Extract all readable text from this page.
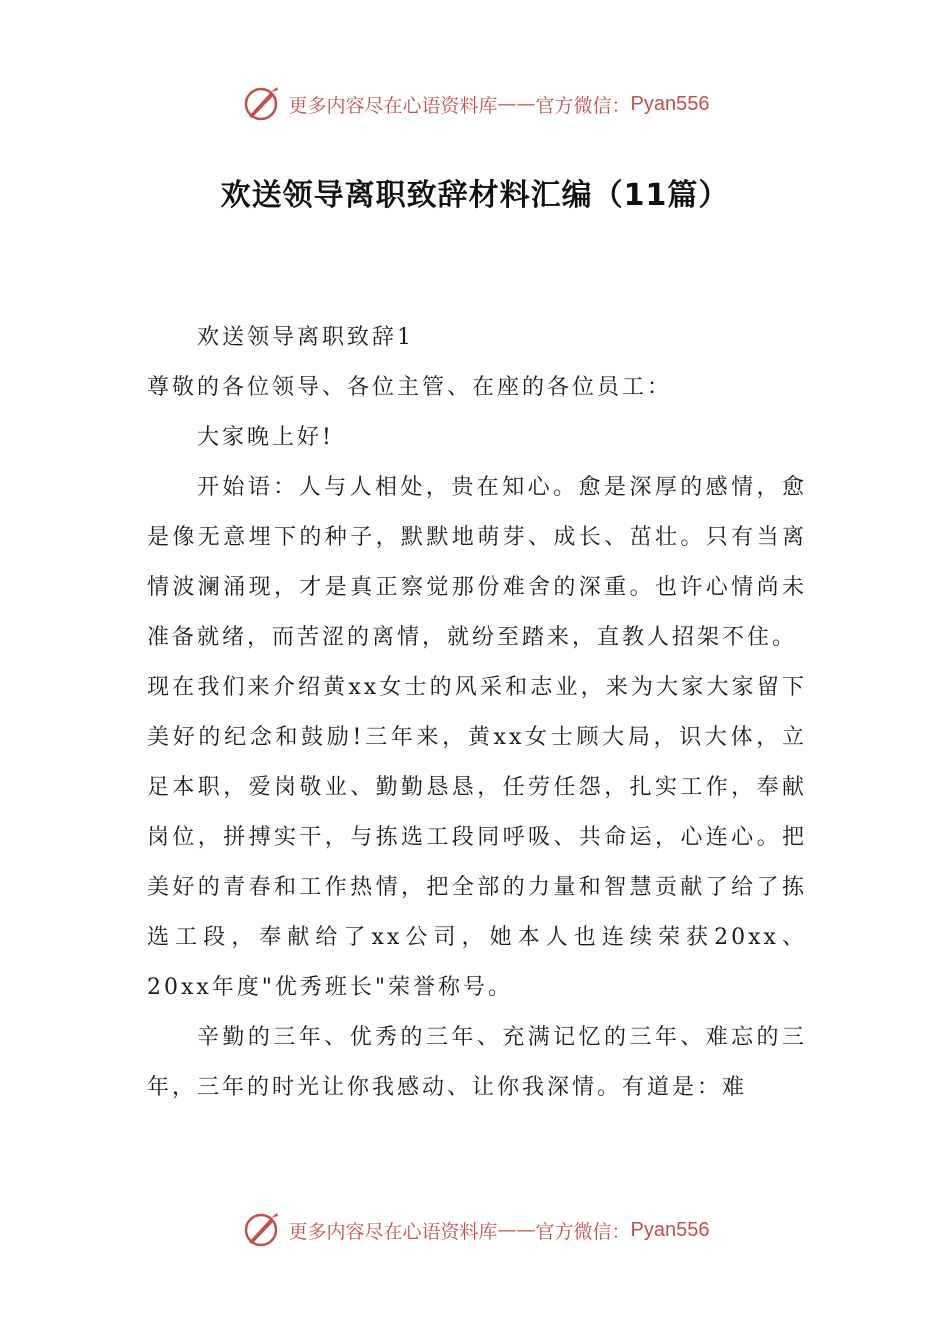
更多内容尽在心语资料库 —— 官方微信： Pyan556
欢送领导离职致辞材料汇编（11篇）

欢送领导离职致辞1

尊敬的各位领导、各位主管、在座的各位员工：

大家晚上好!

开始语：人与人相处，贵在知心。愈是深厚的感情，愈是像无意埋下的种子，默默地萌芽、成长、茁壮。只有当离情波澜涌现，才是真正察觉那份难舍的深重。也许心情尚未准备就绪，而苦涩的离情，就纷至踏来，直教人招架不住。

现在我们来介绍黄xx女士的风采和志业，来为大家大家留下美好的纪念和鼓励!三年来，黄xx女士顾大局，识大体，立足本职，爱岗敬业、勤勤恳恳，任劳任怨，扎实工作，奉献岗位，拼搏实干，与拣选工段同呼吸、共命运，心连心。把美好的青春和工作热情，把全部的力量和智慧贡献了给了拣选工段，奉献给了xx公司，她本人也连续荣获20xx、20xx年度"优秀班长"荣誉称号。

辛勤的三年、优秀的三年、充满记忆的三年、难忘的三年，三年的时光让你我感动、让你我深情。有道是：难

更多内容尽在心语资料库 —— 官方微信： Pyan556
